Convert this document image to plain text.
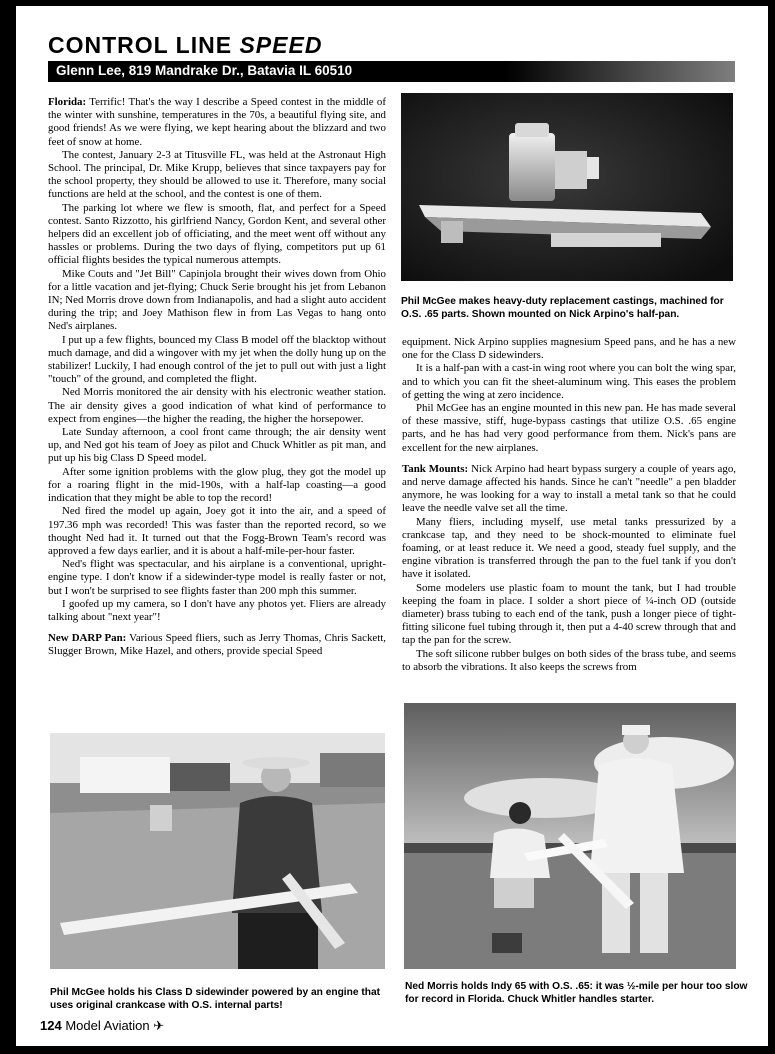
CONTROL LINE SPEED
Glenn Lee, 819 Mandrake Dr., Batavia IL 60510

Florida: Terrific! That's the way I describe a Speed contest in the middle of the winter with sunshine, temperatures in the 70s, a beautiful flying site, and good friends! As we were flying, we kept hearing about the blizzard and two feet of snow at home.

The contest, January 2-3 at Titusville FL, was held at the Astronaut High School. The principal, Dr. Mike Krupp, believes that since taxpayers pay for the school property, they should be allowed to use it. Therefore, many social functions are held at the school, and the contest is one of them.

The parking lot where we flew is smooth, flat, and perfect for a Speed contest. Santo Rizzotto, his girlfriend Nancy, Gordon Kent, and several other helpers did an excellent job of officiating, and the meet went off without any hassles or problems. During the two days of flying, competitors put up 61 official flights besides the typical numerous attempts.

Mike Couts and "Jet Bill" Capinjola brought their wives down from Ohio for a little vacation and jet-flying; Chuck Serie brought his jet from Lebanon IN; Ned Morris drove down from Indianapolis, and had a slight auto accident during the trip; and Joey Mathison flew in from Las Vegas to hang onto Ned's airplanes.

I put up a few flights, bounced my Class B model off the blacktop without much damage, and did a wingover with my jet when the dolly hung up on the stabilizer! Luckily, I had enough control of the jet to pull out with just a light "touch" of the ground, and completed the flight.

Ned Morris monitored the air density with his electronic weather station. The air density gives a good indication of what kind of performance to expect from engines—the higher the reading, the higher the horsepower.

Late Sunday afternoon, a cool front came through; the air density went up, and Ned got his team of Joey as pilot and Chuck Whitler as pit man, and put up his big Class D Speed model.

After some ignition problems with the glow plug, they got the model up for a roaring flight in the mid-190s, with a half-lap coasting—a good indication that they might be able to top the record!

Ned fired the model up again, Joey got it into the air, and a speed of 197.36 mph was recorded! This was faster than the reported record, so we thought Ned had it. It turned out that the Fogg-Brown Team's record was approved a few days earlier, and it is about a half-mile-per-hour faster.

Ned's flight was spectacular, and his airplane is a conventional, upright-engine type. I don't know if a sidewinder-type model is really faster or not, but I won't be surprised to see flights faster than 200 mph this summer.

I goofed up my camera, so I don't have any photos yet. Fliers are already talking about "next year"!

New DARP Pan: Various Speed fliers, such as Jerry Thomas, Chris Sackett, Slugger Brown, Mike Hazel, and others, provide special Speed

Phil McGee makes heavy-duty replacement castings, machined for O.S. .65 parts. Shown mounted on Nick Arpino's half-pan.

equipment. Nick Arpino supplies magnesium Speed pans, and he has a new one for the Class D sidewinders.

It is a half-pan with a cast-in wing root where you can bolt the wing spar, and to which you can fit the sheet-aluminum wing. This eases the problem of getting the wing at zero incidence.

Phil McGee has an engine mounted in this new pan. He has made several of these massive, stiff, huge-bypass castings that utilize O.S. .65 engine parts, and he has had very good performance from them. Nick's pans are excellent for the new airplanes.

Tank Mounts: Nick Arpino had heart bypass surgery a couple of years ago, and nerve damage affected his hands. Since he can't "needle" a pen bladder anymore, he was looking for a way to install a metal tank so that he could leave the needle valve set all the time.

Many fliers, including myself, use metal tanks pressurized by a crankcase tap, and they need to be shock-mounted to eliminate fuel foaming, or at least reduce it. We need a good, steady fuel supply, and the engine vibration is transferred through the pan to the fuel tank if you don't have it isolated.

Some modelers use plastic foam to mount the tank, but I had trouble keeping the foam in place. I solder a short piece of ¼-inch OD (outside diameter) brass tubing to each end of the tank, push a longer piece of tight-fitting silicone fuel tubing through it, then put a 4-40 screw through that and tap the pan for the screw.

The soft silicone rubber bulges on both sides of the brass tube, and seems to absorb the vibrations. It also keeps the screws from

Phil McGee holds his Class D sidewinder powered by an engine that uses original crankcase with O.S. internal parts!
Ned Morris holds Indy 65 with O.S. .65: it was ½-mile per hour too slow for record in Florida. Chuck Whitler handles starter.
124 Model Aviation ✈
